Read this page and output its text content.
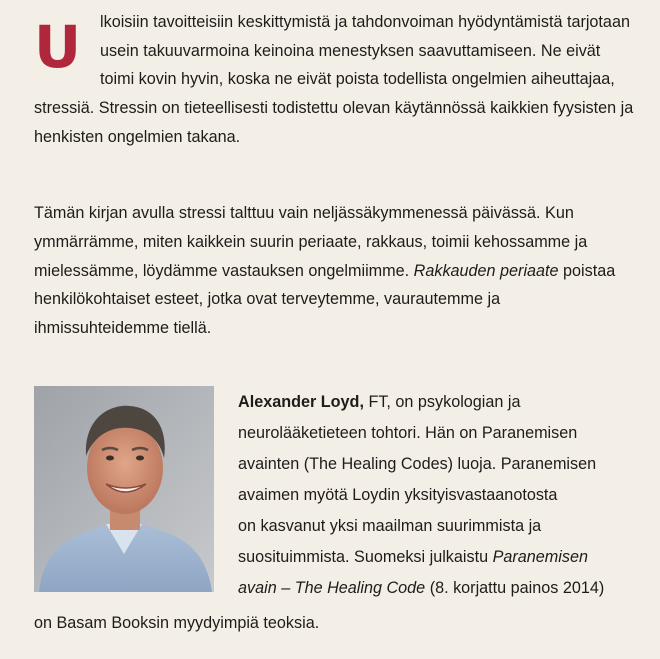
U	lkoisiin tavoitteisiin keskittymistä ja tahdonvoiman hyödyntämistä tarjotaan usein takuuvarmoina keinoina menestyksen saavuttamiseen. Ne eivät toimi kovin hyvin, koska ne eivät poista todellista ongelmien aiheuttajaa, stressiä. Stressin on tieteellisesti todistettu olevan käytännössä kaikkien fyysisten ja henkisten ongelmien takana.

Tämän kirjan avulla stressi talttuu vain neljässäkymmenessä päivässä. Kun ymmärrämme, miten kaikkein suurin periaate, rakkaus, toimii kehossamme ja mielessämme, löydämme vastauksen ongelmiimme. Rakkauden periaate poistaa henkilökohtaiset esteet, jotka ovat terveytemme, vaurautemme ja ihmissuhteidemme tiellä.

Alexander Loyd, FT, on psykologian ja
neurolääketieteen tohtori. Hän on Paranemisen
avainten (The Healing Codes) luoja. Paranemisen
avaimen myötä Loydin yksityisvastaanotosta
on kasvanut yksi maailman suurimmista ja
suosituimmista. Suomeksi julkaistu Paranemisen
avain – The Healing Code (8. korjattu painos 2014)
on Basam Booksin myydyimpiä teoksia.
